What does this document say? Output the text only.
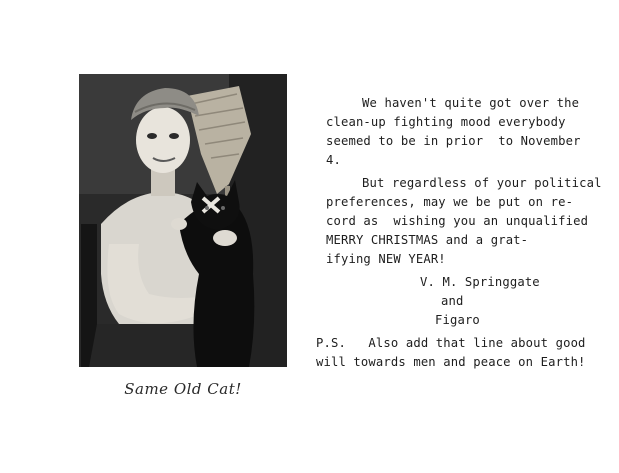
Same Old Cat!
We haven't quite got over the
clean-up fighting mood everybody
seemed to be in prior  to November
4.
But regardless of your political
preferences, may we be put on re-
cord as  wishing you an unqualified
MERRY CHRISTMAS and a grat-
ifying NEW YEAR!
V. M. Springgate
and
Figaro
P.S.   Also add that line about good
will towards men and peace on Earth!
